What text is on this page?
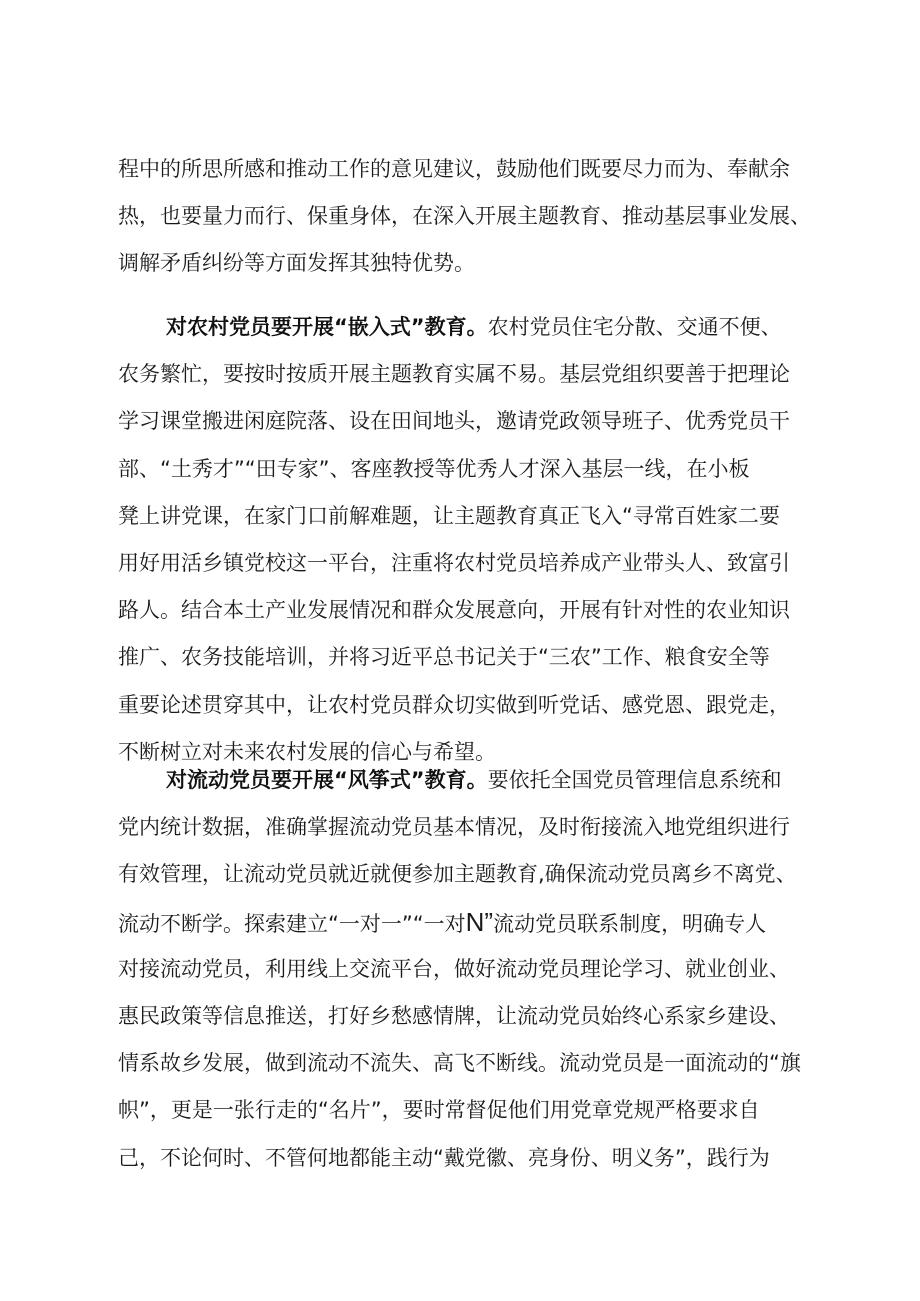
程中的所思所感和推动工作的意见建议，鼓励他们既要尽力而为、奉献余
热，也要量力而行、保重身体，在深入开展主题教育、推动基层事业发展、
调解矛盾纠纷等方面发挥其独特优势。
对农村党员要开展“嵌入式”教育。农村党员住宅分散、交通不便、
农务繁忙，要按时按质开展主题教育实属不易。基层党组织要善于把理论
学习课堂搬进闲庭院落、设在田间地头，邀请党政领导班子、优秀党员干
部、“土秀才”“田专家”、客座教授等优秀人才深入基层一线，在小板
凳上讲党课，在家门口前解难题，让主题教育真正飞入“寻常百姓家二要
用好用活乡镇党校这一平台，注重将农村党员培养成产业带头人、致富引
路人。结合本土产业发展情况和群众发展意向，开展有针对性的农业知识
推广、农务技能培训，并将习近平总书记关于“三农”工作、粮食安全等
重要论述贯穿其中，让农村党员群众切实做到听党话、感党恩、跟党走，
不断树立对未来农村发展的信心与希望。
对流动党员要开展“风筝式”教育。要依托全国党员管理信息系统和
党内统计数据，准确掌握流动党员基本情况，及时衔接流入地党组织进行
有效管理，让流动党员就近就便参加主题教育,确保流动党员离乡不离党、
流动不断学。探索建立“一对一”“一对N”流动党员联系制度，明确专人
对接流动党员，利用线上交流平台，做好流动党员理论学习、就业创业、
惠民政策等信息推送，打好乡愁感情牌，让流动党员始终心系家乡建设、
情系故乡发展，做到流动不流失、高飞不断线。流动党员是一面流动的“旗
帜”，更是一张行走的“名片”，要时常督促他们用党章党规严格要求自
己，不论何时、不管何地都能主动“戴党徽、亮身份、明义务”，践行为
